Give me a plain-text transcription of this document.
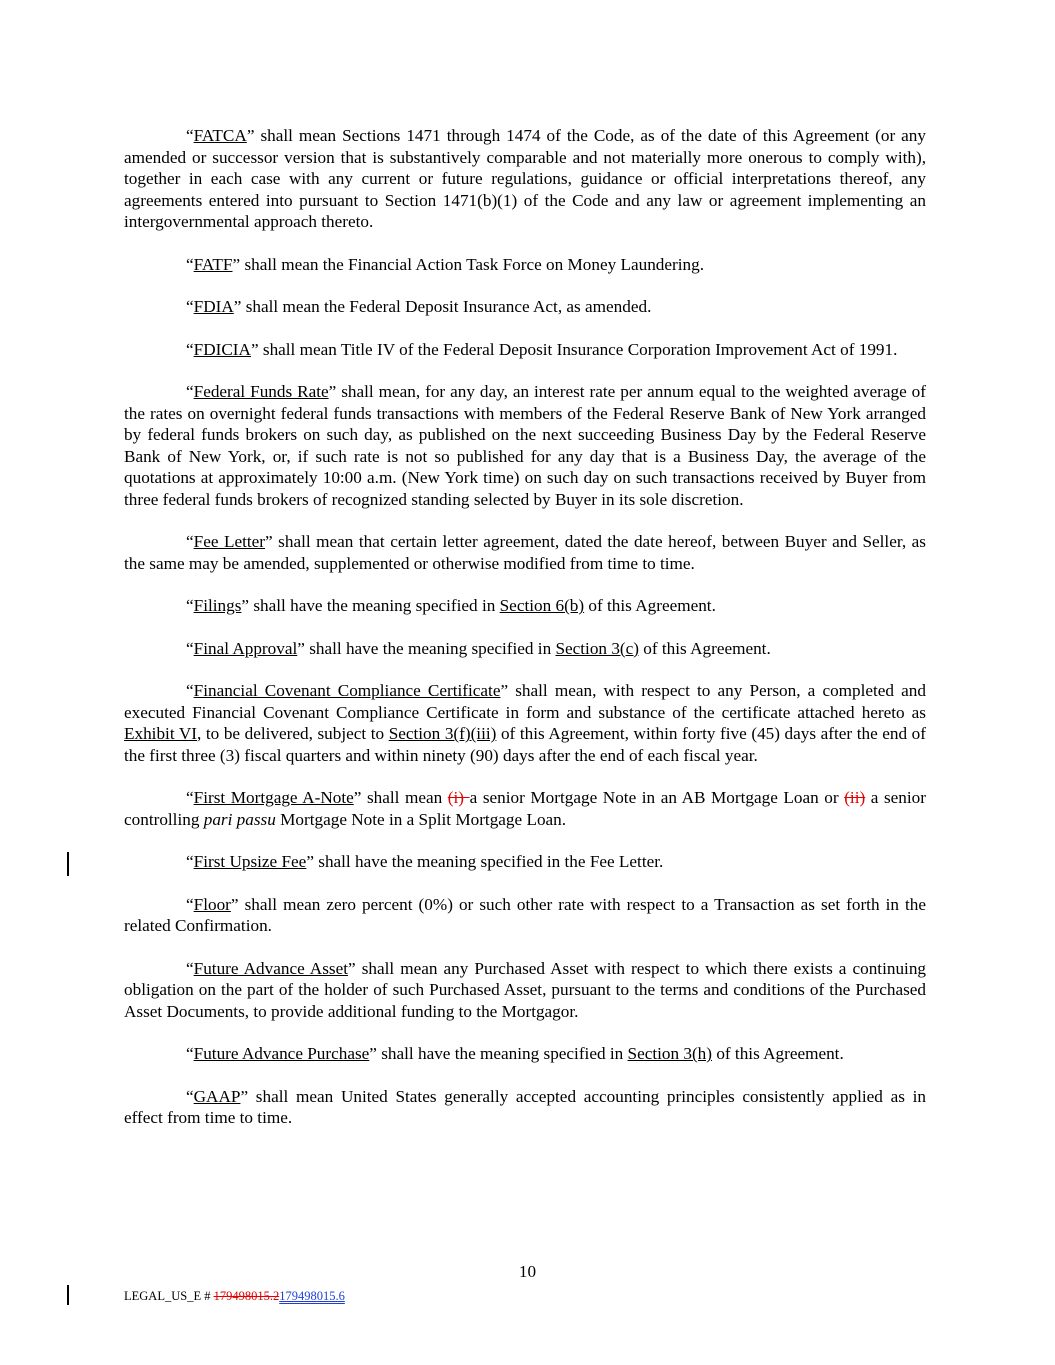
“FATCA” shall mean Sections 1471 through 1474 of the Code, as of the date of this Agreement (or any amended or successor version that is substantively comparable and not materially more onerous to comply with), together in each case with any current or future regulations, guidance or official interpretations thereof, any agreements entered into pursuant to Section 1471(b)(1) of the Code and any law or agreement implementing an intergovernmental approach thereto.

“FATF” shall mean the Financial Action Task Force on Money Laundering.

“FDIA” shall mean the Federal Deposit Insurance Act, as amended.

“FDICIA” shall mean Title IV of the Federal Deposit Insurance Corporation Improvement Act of 1991.

“Federal Funds Rate” shall mean, for any day, an interest rate per annum equal to the weighted average of the rates on overnight federal funds transactions with members of the Federal Reserve Bank of New York arranged by federal funds brokers on such day, as published on the next succeeding Business Day by the Federal Reserve Bank of New York, or, if such rate is not so published for any day that is a Business Day, the average of the quotations at approximately 10:00 a.m. (New York time) on such day on such transactions received by Buyer from three federal funds brokers of recognized standing selected by Buyer in its sole discretion.

“Fee Letter” shall mean that certain letter agreement, dated the date hereof, between Buyer and Seller, as the same may be amended, supplemented or otherwise modified from time to time.

“Filings” shall have the meaning specified in Section 6(b) of this Agreement.

“Final Approval” shall have the meaning specified in Section 3(c) of this Agreement.

“Financial Covenant Compliance Certificate” shall mean, with respect to any Person, a completed and executed Financial Covenant Compliance Certificate in form and substance of the certificate attached hereto as Exhibit VI, to be delivered, subject to Section 3(f)(iii) of this Agreement, within forty five (45) days after the end of the first three (3) fiscal quarters and within ninety (90) days after the end of each fiscal year.

“First Mortgage A-Note” shall mean (i) a senior Mortgage Note in an AB Mortgage Loan or (ii) a senior controlling pari passu Mortgage Note in a Split Mortgage Loan.

“First Upsize Fee” shall have the meaning specified in the Fee Letter.

“Floor” shall mean zero percent (0%) or such other rate with respect to a Transaction as set forth in the related Confirmation.

“Future Advance Asset” shall mean any Purchased Asset with respect to which there exists a continuing obligation on the part of the holder of such Purchased Asset, pursuant to the terms and conditions of the Purchased Asset Documents, to provide additional funding to the Mortgagor.

“Future Advance Purchase” shall have the meaning specified in Section 3(h) of this Agreement.

“GAAP” shall mean United States generally accepted accounting principles consistently applied as in effect from time to time.

10
LEGAL_US_E # 179498015.2179498015.6
